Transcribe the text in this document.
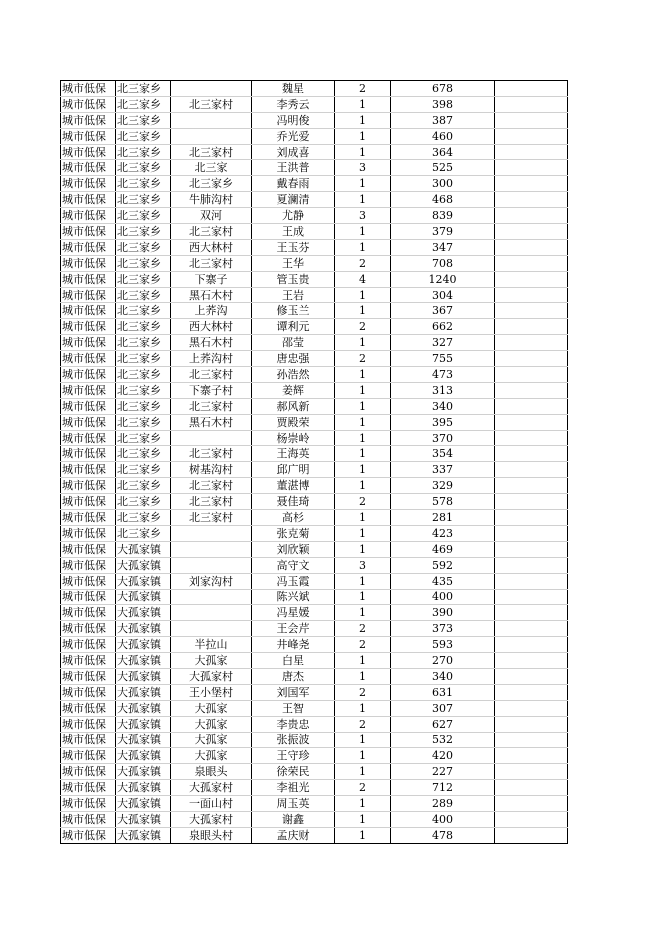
城市低保	北三家乡		魏星	2	678	
城市低保	北三家乡	北三家村	李秀云	1	398	
城市低保	北三家乡		冯明俊	1	387	
城市低保	北三家乡		乔光爱	1	460	
城市低保	北三家乡	北三家村	刘成喜	1	364	
城市低保	北三家乡	北三家	王洪普	3	525	
城市低保	北三家乡	北三家乡	戴春雨	1	300	
城市低保	北三家乡	牛肺沟村	夏澜清	1	468	
城市低保	北三家乡	双河	尤静	3	839	
城市低保	北三家乡	北三家村	王成	1	379	
城市低保	北三家乡	西大林村	王玉芬	1	347	
城市低保	北三家乡	北三家村	王华	2	708	
城市低保	北三家乡	下寨子	管玉贵	4	1240	
城市低保	北三家乡	黑石木村	王岩	1	304	
城市低保	北三家乡	上荞沟	修玉兰	1	367	
城市低保	北三家乡	西大林村	谭利元	2	662	
城市低保	北三家乡	黑石木村	邵莹	1	327	
城市低保	北三家乡	上荞沟村	唐忠强	2	755	
城市低保	北三家乡	北三家村	孙浩然	1	473	
城市低保	北三家乡	下寨子村	姜辉	1	313	
城市低保	北三家乡	北三家村	郝风新	1	340	
城市低保	北三家乡	黑石木村	贾殿荣	1	395	
城市低保	北三家乡		杨崇岭	1	370	
城市低保	北三家乡	北三家村	王海英	1	354	
城市低保	北三家乡	树基沟村	邱广明	1	337	
城市低保	北三家乡	北三家村	董湛博	1	329	
城市低保	北三家乡	北三家村	聂佳琦	2	578	
城市低保	北三家乡	北三家村	高杉	1	281	
城市低保	北三家乡		张克菊	1	423	
城市低保	大孤家镇		刘欣颖	1	469	
城市低保	大孤家镇		高守文	3	592	
城市低保	大孤家镇	刘家沟村	冯玉霞	1	435	
城市低保	大孤家镇		陈兴斌	1	400	
城市低保	大孤家镇		冯星媛	1	390	
城市低保	大孤家镇		王会芹	2	373	
城市低保	大孤家镇	半拉山	井峰尧	2	593	
城市低保	大孤家镇	大孤家	白星	1	270	
城市低保	大孤家镇	大孤家村	唐杰	1	340	
城市低保	大孤家镇	王小堡村	刘国军	2	631	
城市低保	大孤家镇	大孤家	王智	1	307	
城市低保	大孤家镇	大孤家	李贵忠	2	627	
城市低保	大孤家镇	大孤家	张振波	1	532	
城市低保	大孤家镇	大孤家	王守珍	1	420	
城市低保	大孤家镇	泉眼头	徐荣民	1	227	
城市低保	大孤家镇	大孤家村	李祖光	2	712	
城市低保	大孤家镇	一面山村	周玉英	1	289	
城市低保	大孤家镇	大孤家村	谢鑫	1	400	
城市低保	大孤家镇	泉眼头村	孟庆财	1	478	
